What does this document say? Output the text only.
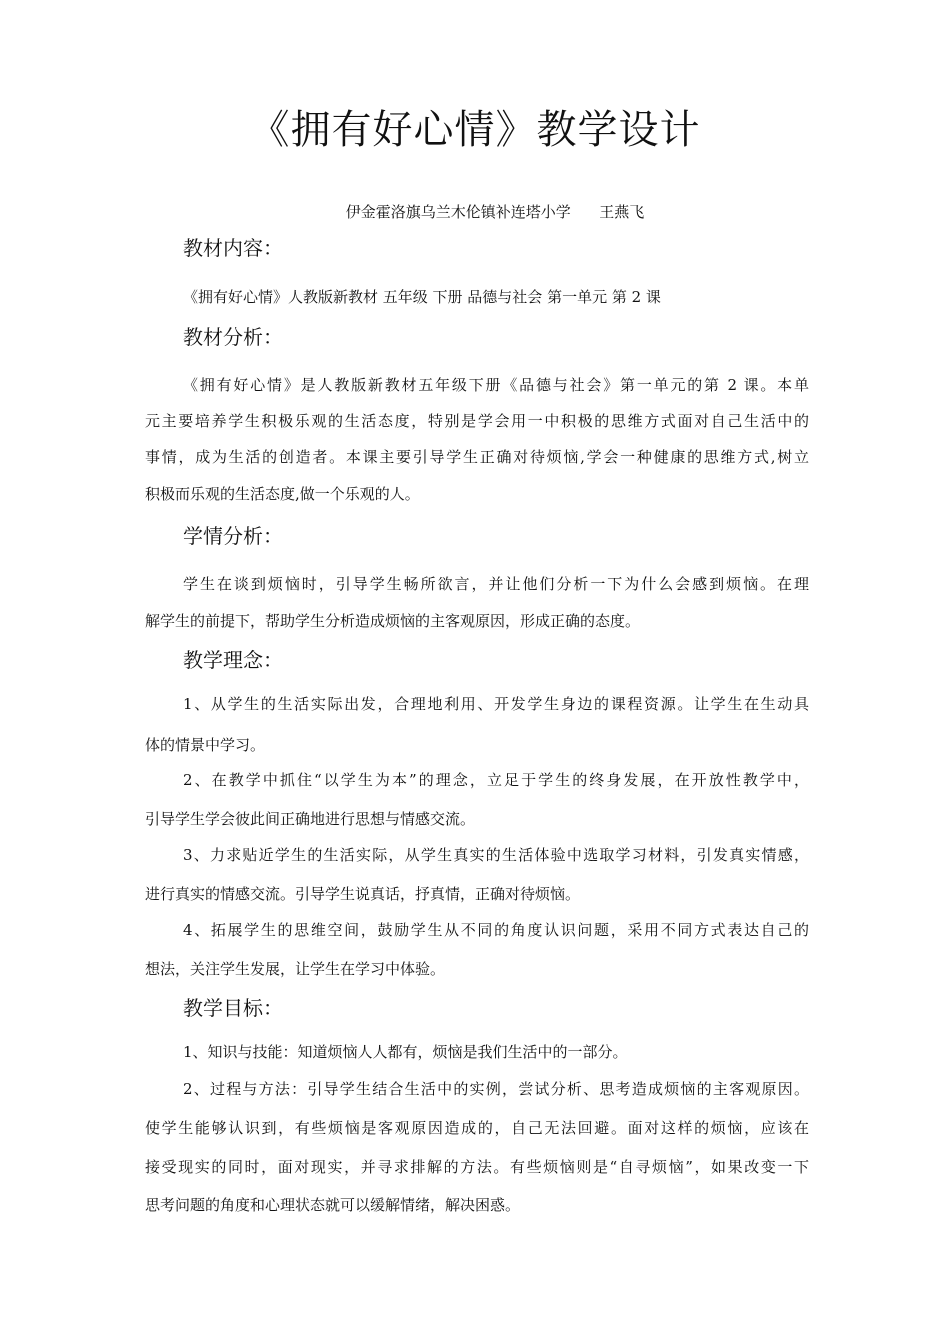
《拥有好心情》教学设计
伊金霍洛旗乌兰木伦镇补连塔小学      王燕飞
教材内容：
《拥有好心情》人教版新教材 五年级 下册 品德与社会 第一单元 第 2 课
教材分析：
《拥有好心情》是人教版新教材五年级下册《品德与社会》第一单元的第 2 课。本单
元主要培养学生积极乐观的生活态度，特别是学会用一中积极的思维方式面对自己生活中的
事情，成为生活的创造者。本课主要引导学生正确对待烦恼,学会一种健康的思维方式,树立
积极而乐观的生活态度,做一个乐观的人。
学情分析：
学生在谈到烦恼时，引导学生畅所欲言，并让他们分析一下为什么会感到烦恼。在理
解学生的前提下，帮助学生分析造成烦恼的主客观原因，形成正确的态度。
教学理念：
1、从学生的生活实际出发，合理地利用、开发学生身边的课程资源。让学生在生动具
体的情景中学习。
2、在教学中抓住“以学生为本”的理念，立足于学生的终身发展，在开放性教学中，
引导学生学会彼此间正确地进行思想与情感交流。
3、力求贴近学生的生活实际，从学生真实的生活体验中选取学习材料，引发真实情感，
进行真实的情感交流。引导学生说真话，抒真情，正确对待烦恼。
4、拓展学生的思维空间，鼓励学生从不同的角度认识问题，采用不同方式表达自己的
想法，关注学生发展，让学生在学习中体验。
教学目标：
1、知识与技能：知道烦恼人人都有，烦恼是我们生活中的一部分。
2、过程与方法：引导学生结合生活中的实例，尝试分析、思考造成烦恼的主客观原因。
使学生能够认识到，有些烦恼是客观原因造成的，自己无法回避。面对这样的烦恼，应该在
接受现实的同时，面对现实，并寻求排解的方法。有些烦恼则是“自寻烦恼”，如果改变一下
思考问题的角度和心理状态就可以缓解情绪，解决困惑。
